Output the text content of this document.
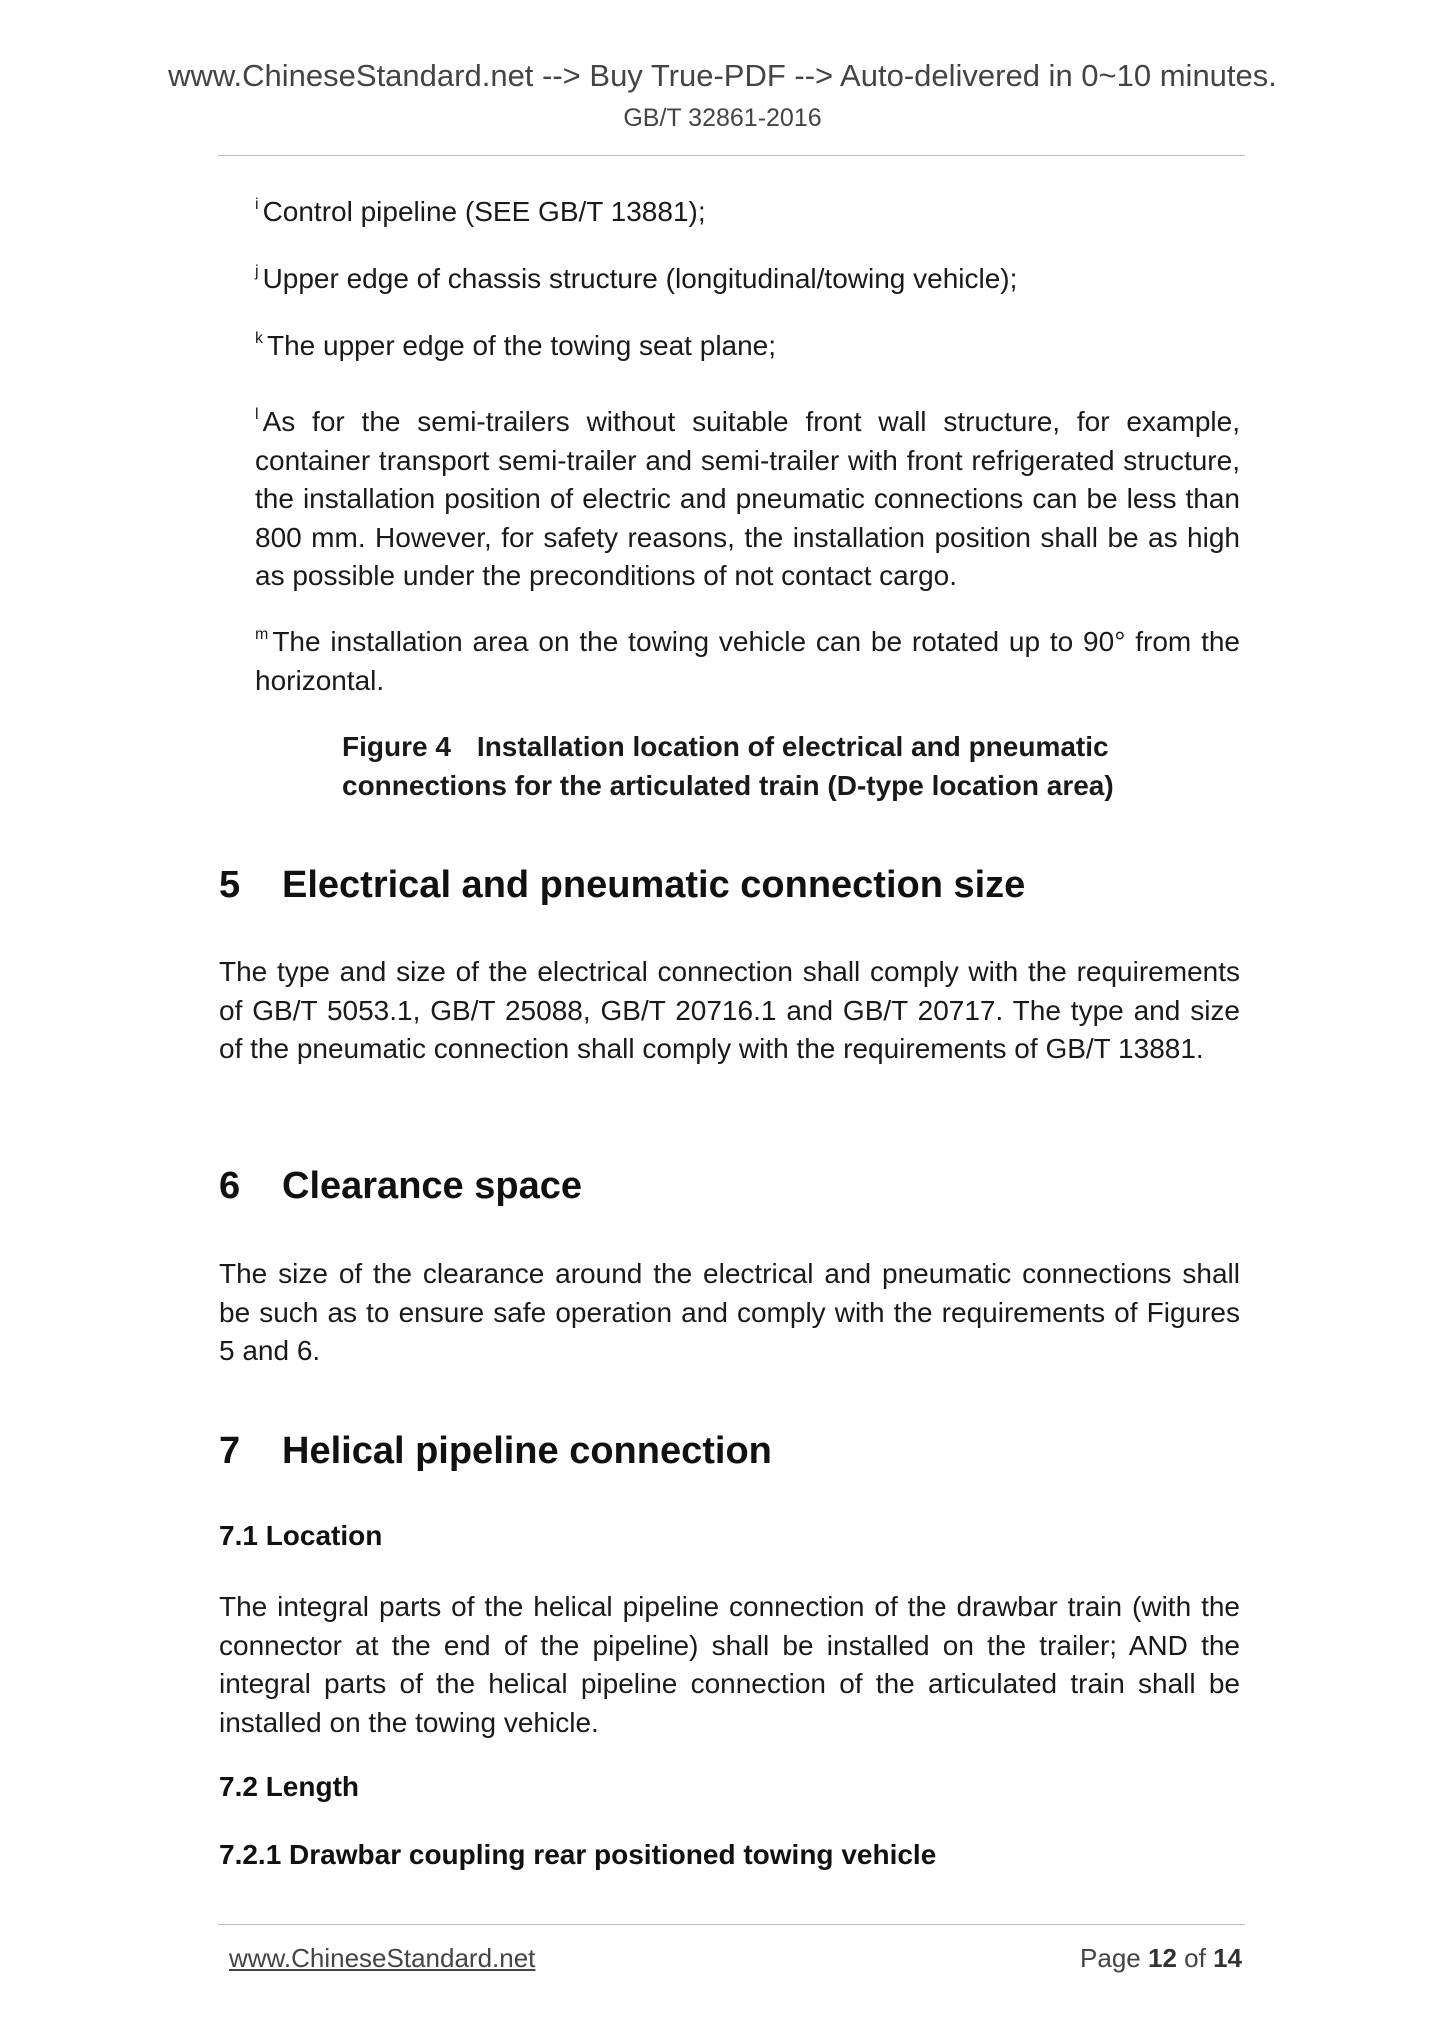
www.ChineseStandard.net --> Buy True-PDF --> Auto-delivered in 0~10 minutes.
GB/T 32861-2016
$^i$ Control pipeline (SEE GB/T 13881);
$^j$ Upper edge of chassis structure (longitudinal/towing vehicle);
$^k$ The upper edge of the towing seat plane;
$^l$ As for the semi-trailers without suitable front wall structure, for example, container transport semi-trailer and semi-trailer with front refrigerated structure, the installation position of electric and pneumatic connections can be less than 800 mm. However, for safety reasons, the installation position shall be as high as possible under the preconditions of not contact cargo.
$^m$ The installation area on the towing vehicle can be rotated up to 90° from the horizontal.
Figure 4 Installation location of electrical and pneumatic
connections for the articulated train (D-type location area)
5 Electrical and pneumatic connection size
The type and size of the electrical connection shall comply with the requirements of GB/T 5053.1, GB/T 25088, GB/T 20716.1 and GB/T 20717. The type and size of the pneumatic connection shall comply with the requirements of GB/T 13881.
6 Clearance space
The size of the clearance around the electrical and pneumatic connections shall be such as to ensure safe operation and comply with the requirements of Figures 5 and 6.
7 Helical pipeline connection
7.1 Location
The integral parts of the helical pipeline connection of the drawbar train (with the connector at the end of the pipeline) shall be installed on the trailer; AND the integral parts of the helical pipeline connection of the articulated train shall be installed on the towing vehicle.
7.2 Length
7.2.1 Drawbar coupling rear positioned towing vehicle
www.ChineseStandard.net	Page 12 of 14
